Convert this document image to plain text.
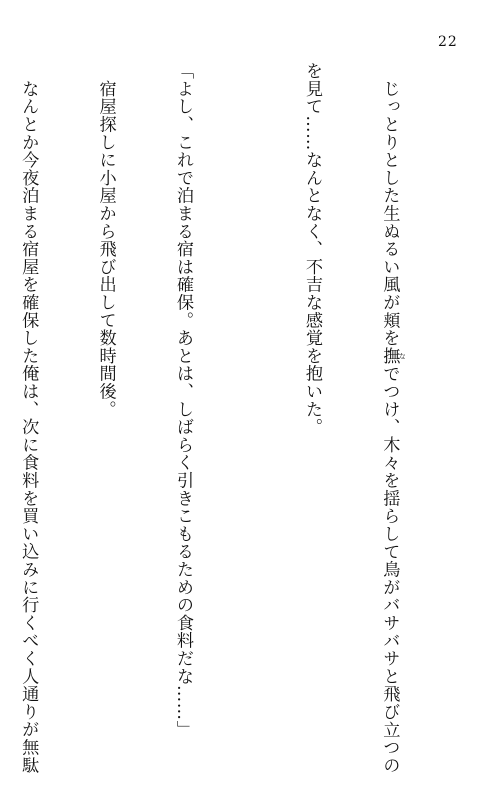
22

　じっとりとした生ぬるい風が頬を撫 なでつけ、木々を揺らして鳥がバサバサと飛び立つの

を見て……なんとなく、不吉な感覚を抱いた。

「よし、これで泊まる宿は確保。あとは、しばらく引きこもるための食料だな……」

　宿屋探しに小屋から飛び出して数時間後。

　なんとか今夜泊まる宿屋を確保した俺は、次に食料を買い込みに行くべく人通りが無駄
